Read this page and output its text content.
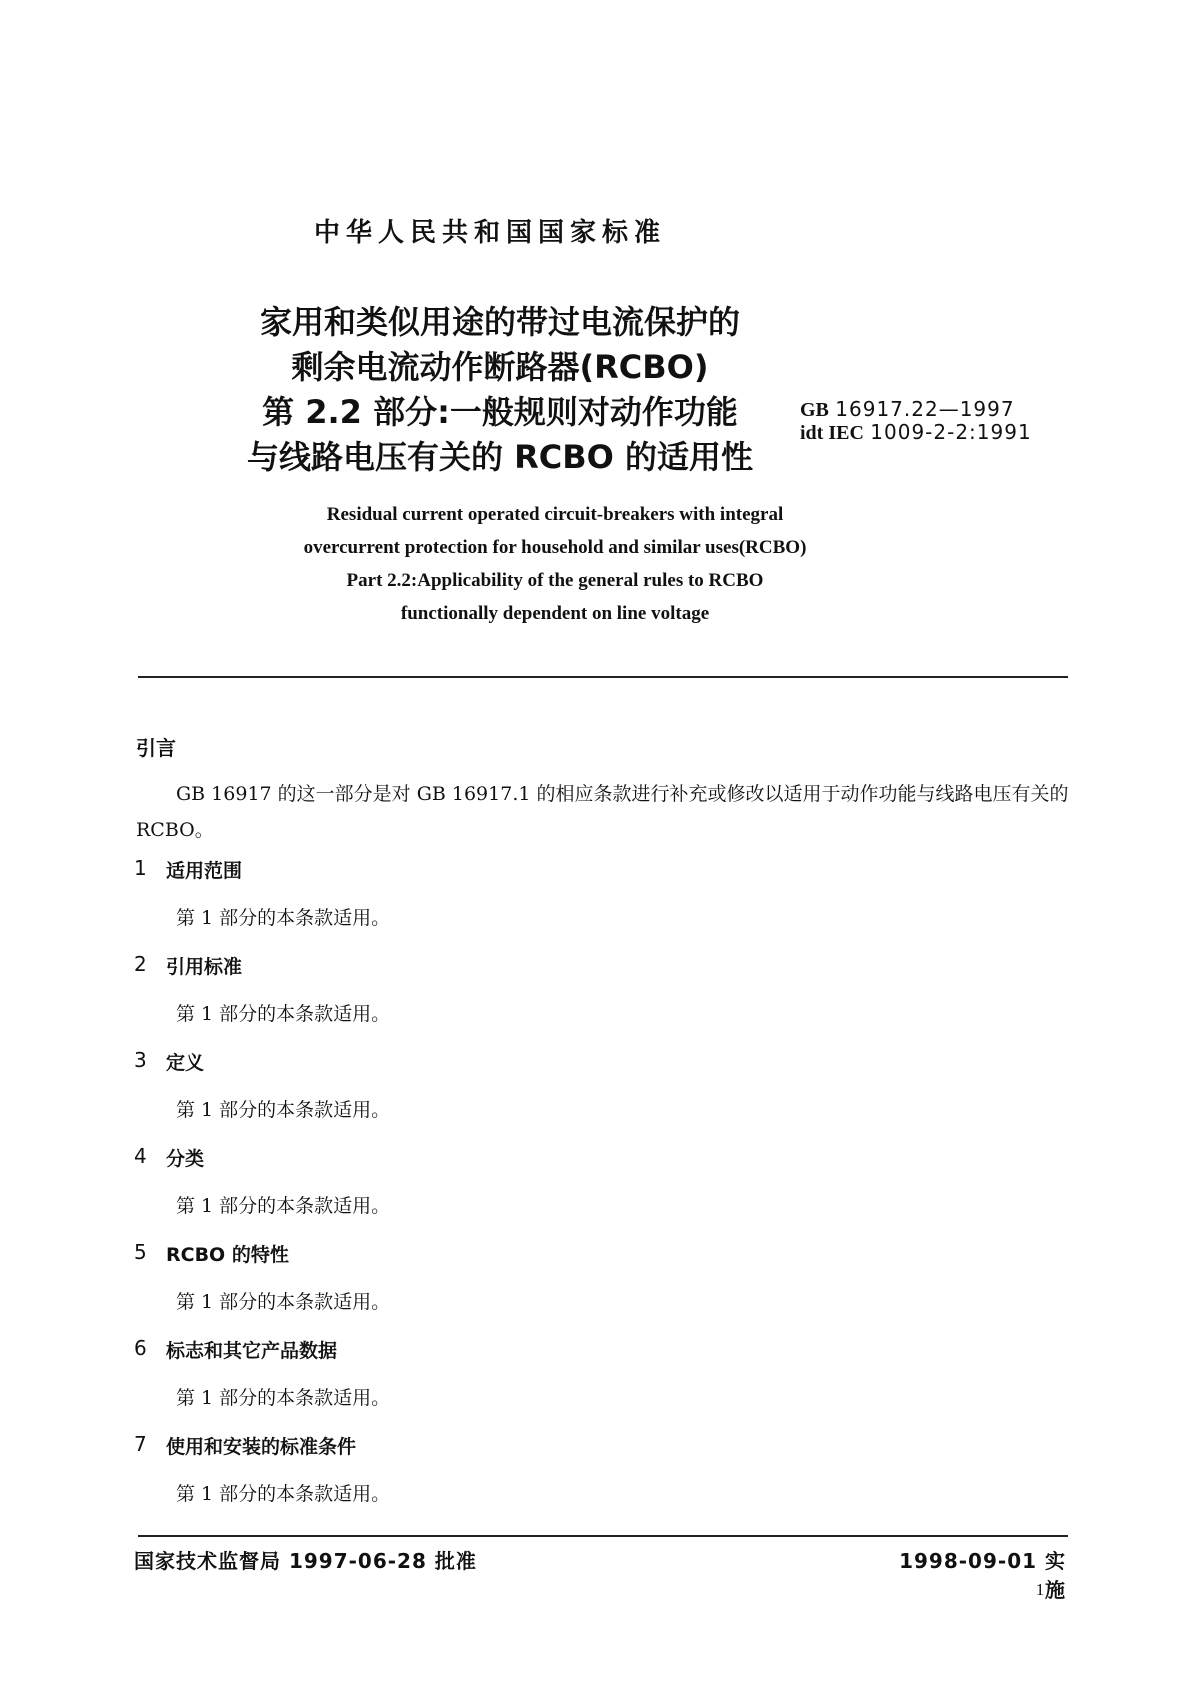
中华人民共和国国家标准
家用和类似用途的带过电流保护的
剩余电流动作断路器(RCBO)
第 2.2 部分:一般规则对动作功能
与线路电压有关的 RCBO 的适用性
GB 16917.22—1997
idt IEC 1009-2-2:1991
Residual current operated circuit-breakers with integral
overcurrent protection for household and similar uses(RCBO)
Part 2.2:Applicability of the general rules to RCBO
functionally dependent on line voltage
引言
GB 16917 的这一部分是对 GB 16917.1 的相应条款进行补充或修改以适用于动作功能与线路电压有关的 RCBO。
1 适用范围
第 1 部分的本条款适用。
2 引用标准
第 1 部分的本条款适用。
3 定义
第 1 部分的本条款适用。
4 分类
第 1 部分的本条款适用。
5 RCBO 的特性
第 1 部分的本条款适用。
6 标志和其它产品数据
第 1 部分的本条款适用。
7 使用和安装的标准条件
第 1 部分的本条款适用。
国家技术监督局 1997-06-28 批准	1998-09-01 实施
1
